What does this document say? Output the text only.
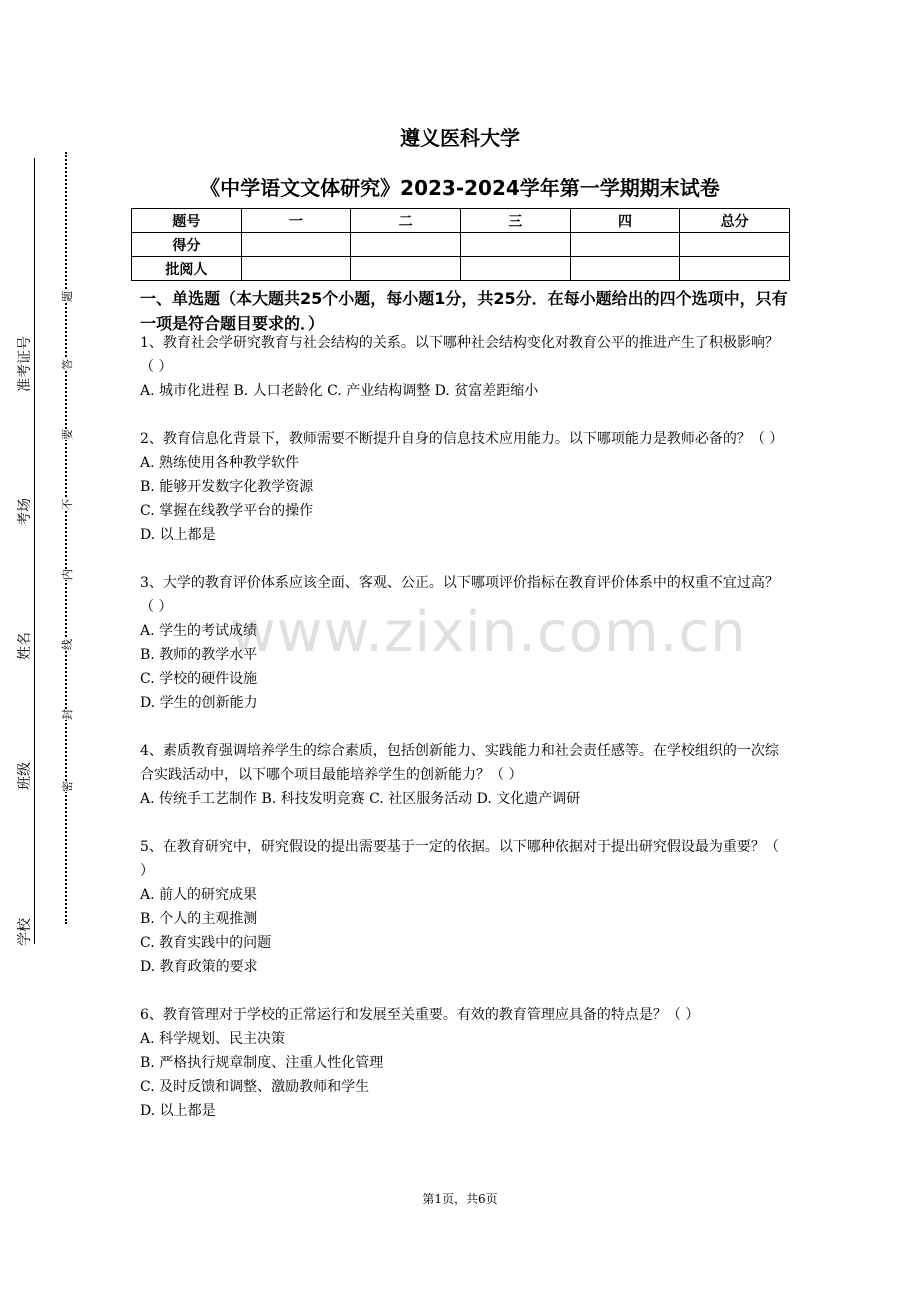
准考证号
考场
姓名
班级
学校
题
答
要
不
内
线
封
密
遵义医科大学
《中学语文文体研究》2023-2024学年第一学期期末试卷
题号	一	二	三	四	总分
得分					
批阅人					
一、单选题（本大题共25个小题，每小题1分，共25分．在每小题给出的四个选项中，只有一项是符合题目要求的．）

1、教育社会学研究教育与社会结构的关系。以下哪种社会结构变化对教育公平的推进产生了积极影响？（ ）

A. 城市化进程 B. 人口老龄化 C. 产业结构调整 D. 贫富差距缩小

2、教育信息化背景下，教师需要不断提升自身的信息技术应用能力。以下哪项能力是教师必备的？（ ）

A. 熟练使用各种教学软件

B. 能够开发数字化教学资源

C. 掌握在线教学平台的操作

D. 以上都是

3、大学的教育评价体系应该全面、客观、公正。以下哪项评价指标在教育评价体系中的权重不宜过高？（ ）

A. 学生的考试成绩

B. 教师的教学水平

C. 学校的硬件设施

D. 学生的创新能力

4、素质教育强调培养学生的综合素质，包括创新能力、实践能力和社会责任感等。在学校组织的一次综合实践活动中，以下哪个项目最能培养学生的创新能力？（ ）

A. 传统手工艺制作 B. 科技发明竞赛 C. 社区服务活动 D. 文化遗产调研

5、在教育研究中，研究假设的提出需要基于一定的依据。以下哪种依据对于提出研究假设最为重要？（ ）

A. 前人的研究成果

B. 个人的主观推测

C. 教育实践中的问题

D. 教育政策的要求

6、教育管理对于学校的正常运行和发展至关重要。有效的教育管理应具备的特点是？（ ）

A. 科学规划、民主决策

B. 严格执行规章制度、注重人性化管理

C. 及时反馈和调整、激励教师和学生

D. 以上都是

www.zixin.com.cn
第1页，共6页
